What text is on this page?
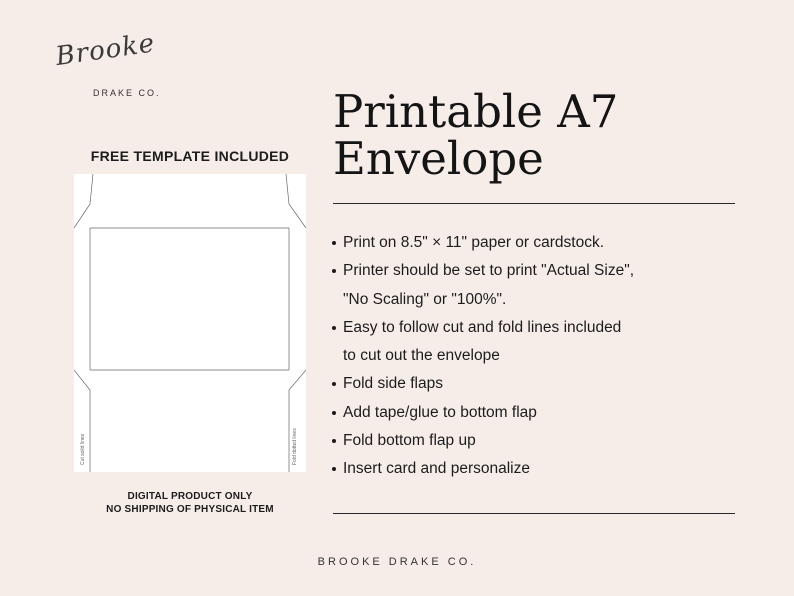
Brooke
DRAKE CO.
FREE TEMPLATE INCLUDED
Cut solid lines	Fold dotted lines
DIGITAL PRODUCT ONLY
NO SHIPPING OF PHYSICAL ITEM
Printable A7
Envelope
Print on 8.5" × 11" paper or cardstock.
Printer should be set to print "Actual Size",
"No Scaling" or "100%".
Easy to follow cut and fold lines included
to cut out the envelope
Fold side flaps
Add tape/glue to bottom flap
Fold bottom flap up
Insert card and personalize
BROOKE DRAKE CO.
